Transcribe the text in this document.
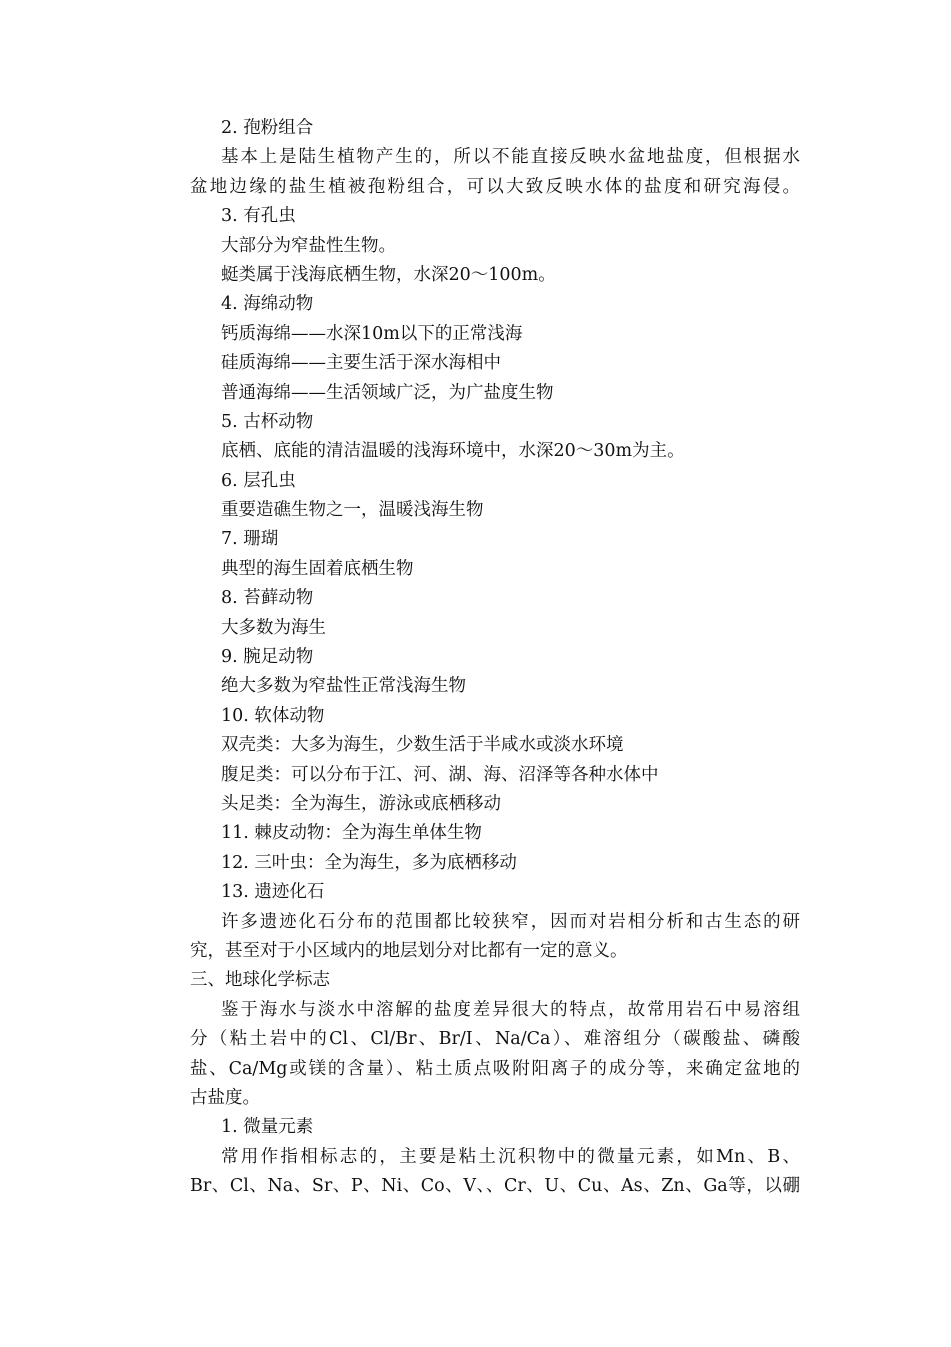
2. 孢粉组合
基本上是陆生植物产生的，所以不能直接反映水盆地盐度，但根据水
盆地边缘的盐生植被孢粉组合，可以大致反映水体的盐度和研究海侵。
3. 有孔虫
大部分为窄盐性生物。
蜓类属于浅海底栖生物，水深20～100m。
4. 海绵动物
钙质海绵——水深10m以下的正常浅海
硅质海绵——主要生活于深水海相中
普通海绵——生活领域广泛，为广盐度生物
5. 古杯动物
底栖、底能的清洁温暖的浅海环境中，水深20～30m为主。
6. 层孔虫
重要造礁生物之一，温暖浅海生物
7. 珊瑚
典型的海生固着底栖生物
8. 苔藓动物
大多数为海生
9. 腕足动物
绝大多数为窄盐性正常浅海生物
10. 软体动物
双壳类：大多为海生，少数生活于半咸水或淡水环境
腹足类：可以分布于江、河、湖、海、沼泽等各种水体中
头足类：全为海生，游泳或底栖移动
11. 棘皮动物：全为海生单体生物
12. 三叶虫：全为海生，多为底栖移动
13. 遗迹化石
许多遗迹化石分布的范围都比较狭窄，因而对岩相分析和古生态的研
究，甚至对于小区域内的地层划分对比都有一定的意义。
三、地球化学标志
鉴于海水与淡水中溶解的盐度差异很大的特点，故常用岩石中易溶组
分（粘土岩中的Cl、Cl/Br、Br/I、Na/Ca）、难溶组分（碳酸盐、磷酸
盐、Ca/Mg或镁的含量）、粘土质点吸附阳离子的成分等，来确定盆地的
古盐度。
1. 微量元素
常用作指相标志的，主要是粘土沉积物中的微量元素，如Mn、B、
Br、Cl、Na、Sr、P、Ni、Co、V、、Cr、U、Cu、As、Zn、Ga等，以硼
